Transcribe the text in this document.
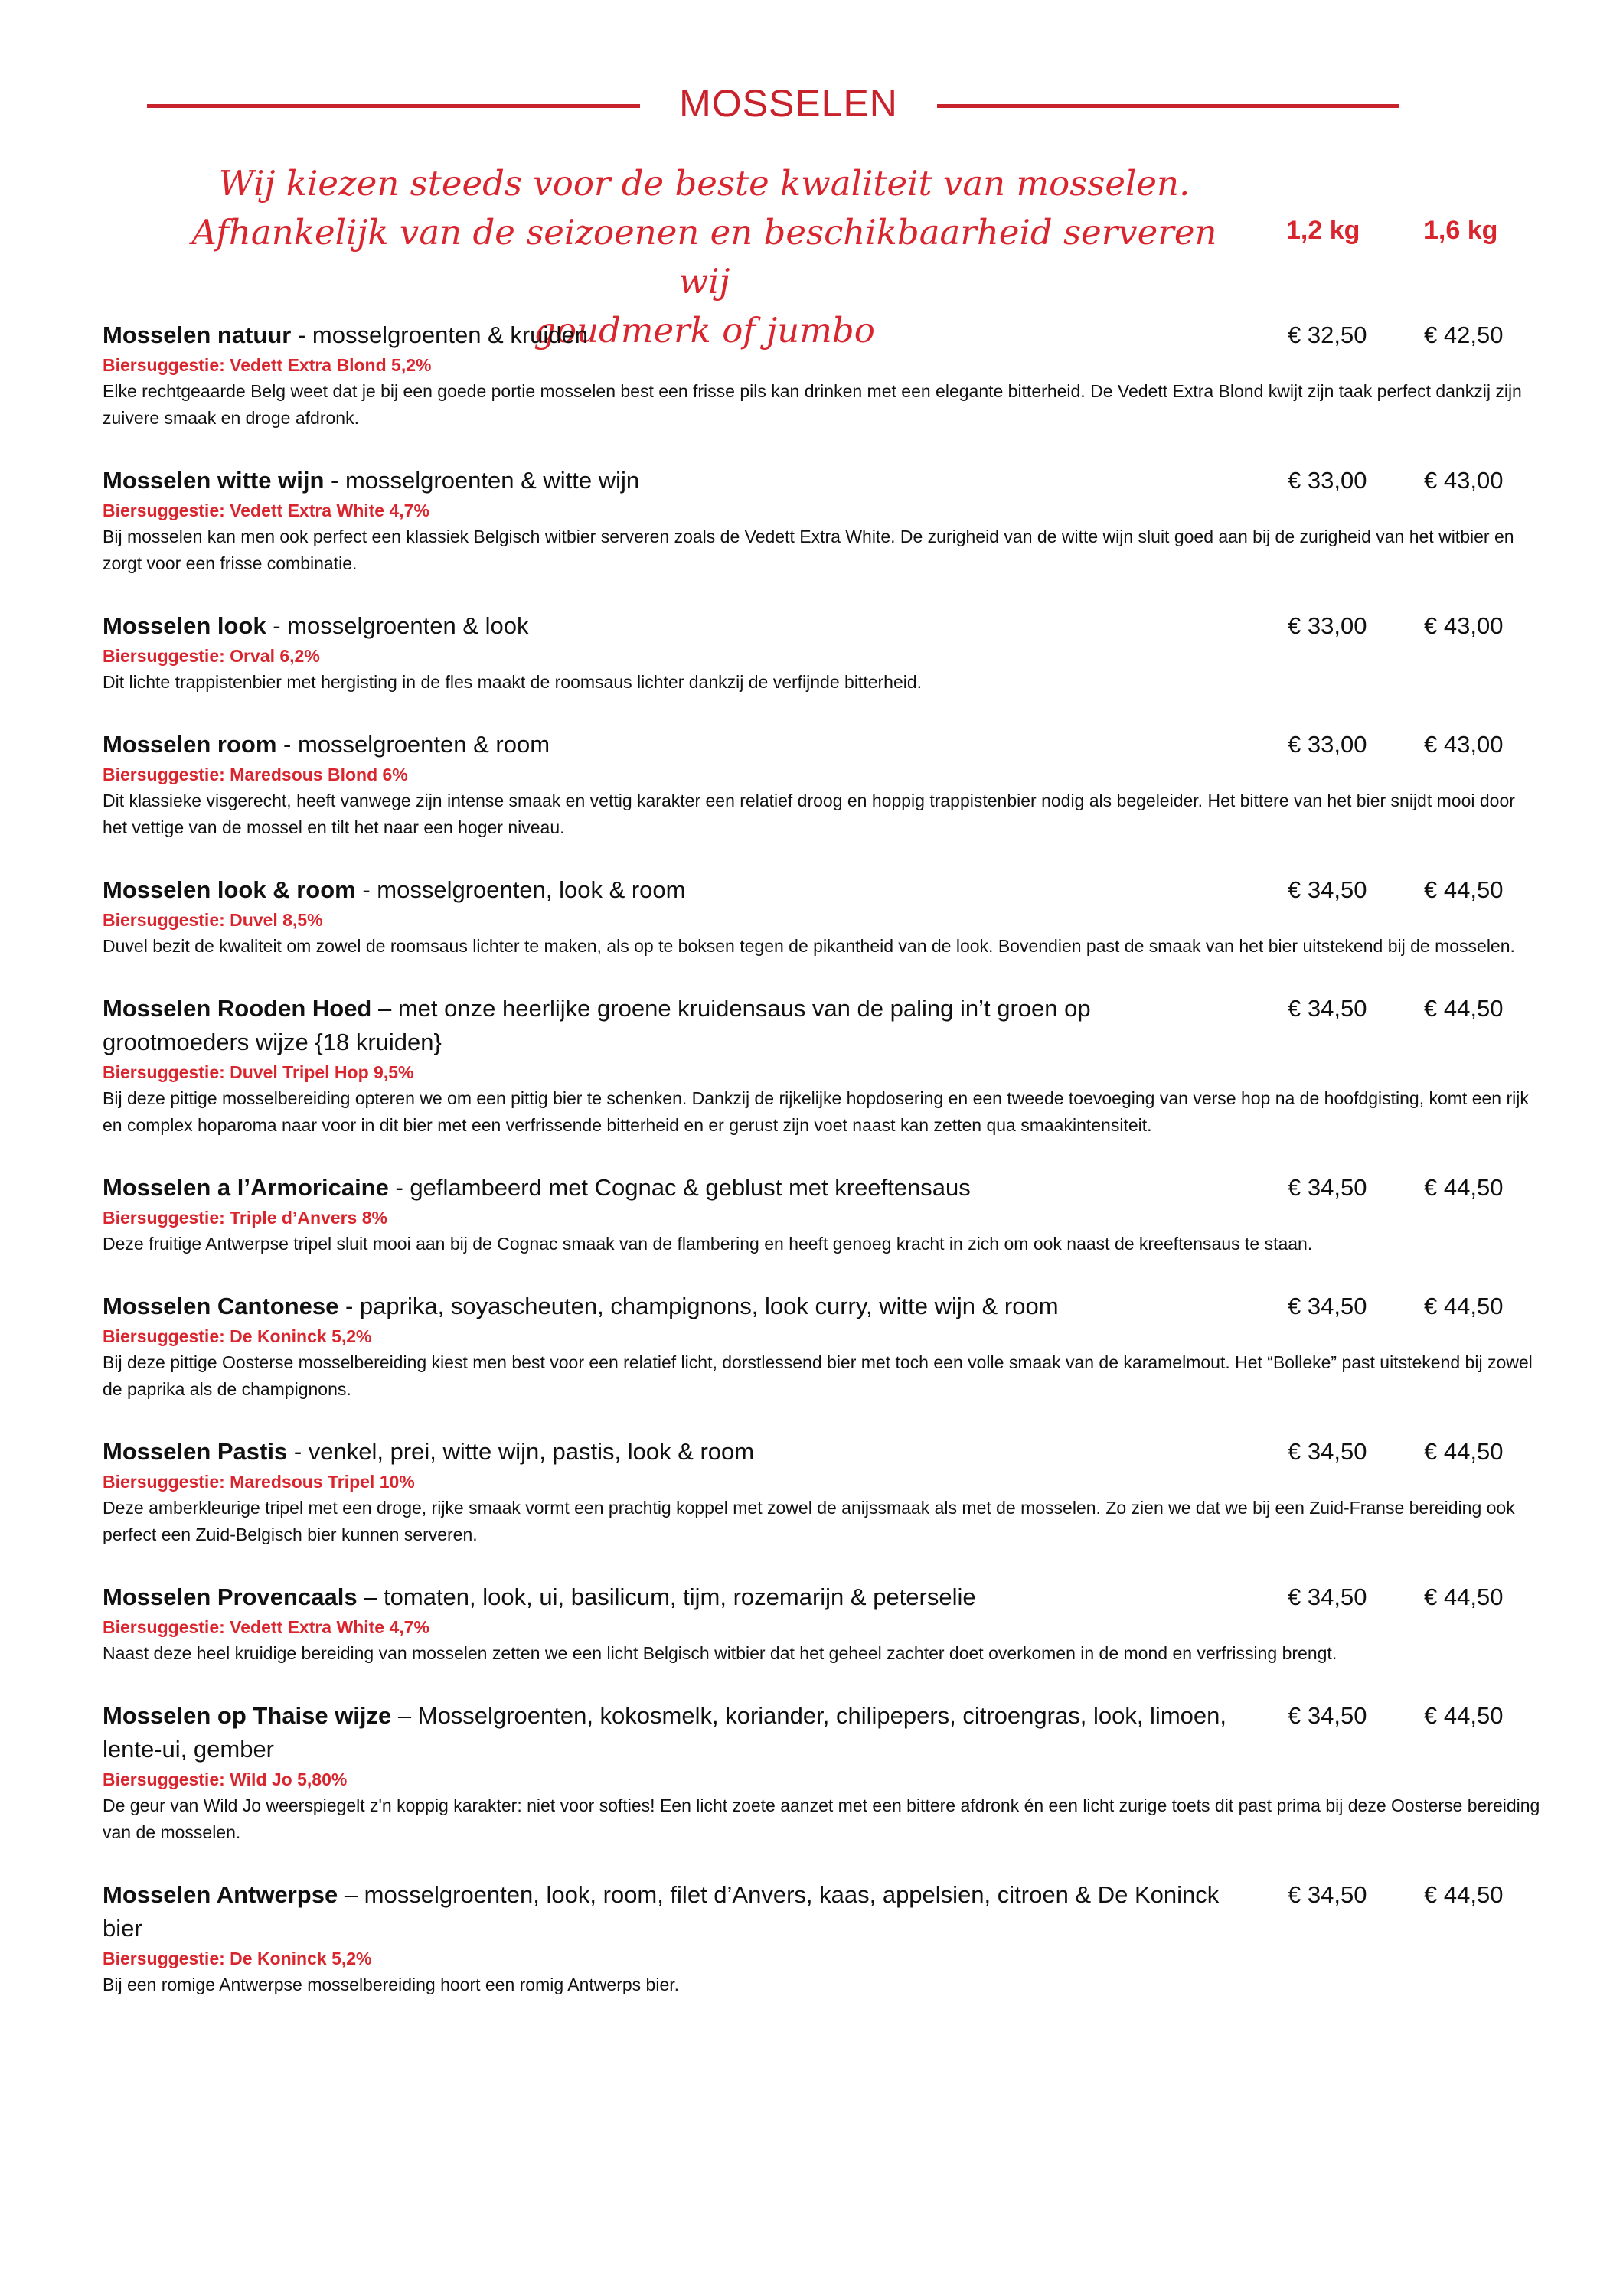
MOSSELEN

Wij kiezen steeds voor de beste kwaliteit van mosselen.

Afhankelijk van de seizoenen en beschikbaarheid serveren wij

goudmerk of jumbo

1,2 kg 1,6 kg
Mosselen natuur - mosselgroenten & kruiden	€ 32,50 € 42,50
Biersuggestie: Vedett Extra Blond 5,2%
Elke rechtgeaarde Belg weet dat je bij een goede portie mosselen best een frisse pils kan drinken met een elegante bitterheid. De Vedett Extra Blond kwijt zijn taak perfect dankzij zijn zuivere smaak en droge afdronk.
Mosselen witte wijn - mosselgroenten & witte wijn	€ 33,00 € 43,00
Biersuggestie: Vedett Extra White 4,7%
Bij mosselen kan men ook perfect een klassiek Belgisch witbier serveren zoals de Vedett Extra White. De zurigheid van de witte wijn sluit goed aan bij de zurigheid van het witbier en zorgt voor een frisse combinatie.
Mosselen look - mosselgroenten & look	€ 33,00 € 43,00
Biersuggestie: Orval 6,2%
Dit lichte trappistenbier met hergisting in de fles maakt de roomsaus lichter dankzij de verfijnde bitterheid.
Mosselen room - mosselgroenten & room	€ 33,00 € 43,00
Biersuggestie: Maredsous Blond 6%
Dit klassieke visgerecht, heeft vanwege zijn intense smaak en vettig karakter een relatief droog en hoppig trappistenbier nodig als begeleider. Het bittere van het bier snijdt mooi door het vettige van de mossel en tilt het naar een hoger niveau.
Mosselen look & room - mosselgroenten, look & room	€ 34,50 € 44,50
Biersuggestie: Duvel 8,5%
Duvel bezit de kwaliteit om zowel de roomsaus lichter te maken, als op te boksen tegen de pikantheid van de look. Bovendien past de smaak van het bier uitstekend bij de mosselen.
Mosselen Rooden Hoed – met onze heerlijke groene kruidensaus van de paling in’t groen op grootmoeders wijze {18 kruiden}
€ 34,50 € 44,50
Biersuggestie: Duvel Tripel Hop 9,5%
Bij deze pittige mosselbereiding opteren we om een pittig bier te schenken. Dankzij de rijkelijke hopdosering en een tweede toevoeging van verse hop na de hoofdgisting, komt een rijk en complex hoparoma naar voor in dit bier met een verfrissende bitterheid en er gerust zijn voet naast kan zetten qua smaakintensiteit.
Mosselen a l’Armoricaine - geflambeerd met Cognac & geblust met kreeftensaus	€ 34,50 € 44,50
Biersuggestie: Triple d’Anvers 8%
Deze fruitige Antwerpse tripel sluit mooi aan bij de Cognac smaak van de flambering en heeft genoeg kracht in zich om ook naast de kreeftensaus te staan.
Mosselen Cantonese - paprika, soyascheuten, champignons, look curry, witte wijn & room	€ 34,50 € 44,50
Biersuggestie: De Koninck 5,2%
Bij deze pittige Oosterse mosselbereiding kiest men best voor een relatief licht, dorstlessend bier met toch een volle smaak van de karamelmout. Het “Bolleke” past uitstekend bij zowel de paprika als de champignons.
Mosselen Pastis - venkel, prei, witte wijn, pastis, look & room	€ 34,50 € 44,50
Biersuggestie: Maredsous Tripel 10%
Deze amberkleurige tripel met een droge, rijke smaak vormt een prachtig koppel met zowel de anijssmaak als met de mosselen. Zo zien we dat we bij een Zuid-Franse bereiding ook perfect een Zuid-Belgisch bier kunnen serveren.
Mosselen Provencaals – tomaten, look, ui, basilicum, tijm, rozemarijn & peterselie	€ 34,50 € 44,50
Biersuggestie: Vedett Extra White 4,7%
Naast deze heel kruidige bereiding van mosselen zetten we een licht Belgisch witbier dat het geheel zachter doet overkomen in de mond en verfrissing brengt.
Mosselen op Thaise wijze – Mosselgroenten, kokosmelk, koriander, chilipepers, citroengras, look, limoen, lente-ui, gember
€ 34,50 € 44,50
Biersuggestie: Wild Jo 5,80%
De geur van Wild Jo weerspiegelt z'n koppig karakter: niet voor softies! Een licht zoete aanzet met een bittere afdronk én een licht zurige toets dit past prima bij deze Oosterse bereiding van de mosselen.
Mosselen Antwerpse – mosselgroenten, look, room, filet d’Anvers, kaas, appelsien, citroen & De Koninck bier
€ 34,50 € 44,50
Biersuggestie: De Koninck 5,2%
Bij een romige Antwerpse mosselbereiding hoort een romig Antwerps bier.
